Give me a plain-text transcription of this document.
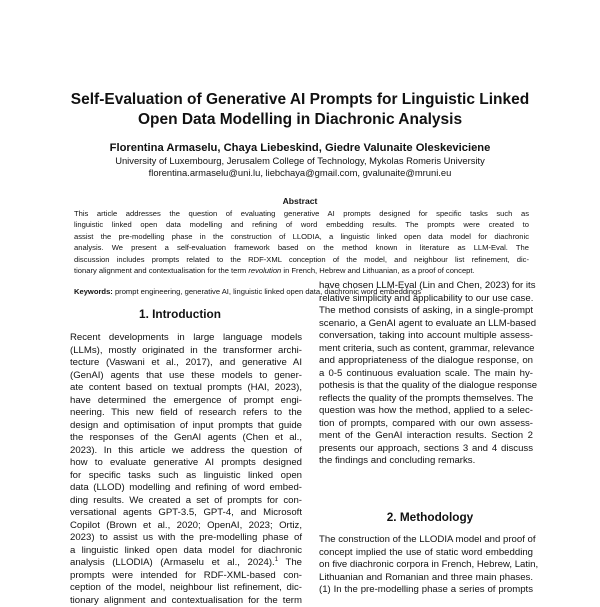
Self-Evaluation of Generative AI Prompts for Linguistic Linked
Open Data Modelling in Diachronic Analysis
Florentina Armaselu, Chaya Liebeskind, Giedre Valunaite Oleskeviciene
University of Luxembourg, Jerusalem College of Technology, Mykolas Romeris University
florentina.armaselu@uni.lu, liebchaya@gmail.com, gvalunaite@mruni.eu
Abstract
This article addresses the question of evaluating generative AI prompts designed for specific tasks such as
linguistic linked open data modelling and refining of word embedding results. The prompts were created to
assist the pre-modelling phase in the construction of LLODIA, a linguistic linked open data model for diachronic
analysis. We present a self-evaluation framework based on the method known in literature as LLM-Eval. The
discussion includes prompts related to the RDF-XML conception of the model, and neighbour list refinement, dic-
tionary alignment and contextualisation for the term revolution in French, Hebrew and Lithuanian, as a proof of concept.
Keywords: prompt engineering, generative AI, linguistic linked open data, diachronic word embeddings
1. Introduction
Recent developments in large language models
(LLMs), mostly originated in the transformer archi-
tecture (Vaswani et al., 2017), and generative AI
(GenAI) agents that use these models to gener-
ate content based on textual prompts (HAI, 2023),
have determined the emergence of prompt engi-
neering. This new field of research refers to the
design and optimisation of input prompts that guide
the responses of the GenAI agents (Chen et al.,
2023). In this article we address the question of
how to evaluate generative AI prompts designed
for specific tasks such as linguistic linked open
data (LLOD) modelling and refining of word embed-
ding results. We created a set of prompts for con-
versational agents GPT-3.5, GPT-4, and Microsoft
Copilot (Brown et al., 2020; OpenAI, 2023; Ortiz,
2023) to assist us with the pre-modelling phase of
a linguistic linked open data model for diachronic
analysis (LLODIA) (Armaselu et al., 2024).$^1$ The
prompts were intended for RDF-XML-based con-
ception of the model, neighbour list refinement, dic-
tionary alignment and contextualisation for the term
have chosen LLM-Eval (Lin and Chen, 2023) for its
relative simplicity and applicability to our use case.
The method consists of asking, in a single-prompt
scenario, a GenAI agent to evaluate an LLM-based
conversation, taking into account multiple assess-
ment criteria, such as content, grammar, relevance
and appropriateness of the dialogue response, on
a 0-5 continuous evaluation scale. The main hy-
pothesis is that the quality of the dialogue response
reflects the quality of the prompts themselves. The
question was how the method, applied to a selec-
tion of prompts, compared with our own assess-
ment of the GenAI interaction results. Section 2
presents our approach, sections 3 and 4 discuss
the findings and concluding remarks.
2. Methodology
The construction of the LLODIA model and proof of
concept implied the use of static word embedding
on five diachronic corpora in French, Hebrew, Latin,
Lithuanian and Romanian and three main phases.
(1) In the pre-modelling phase a series of prompts
